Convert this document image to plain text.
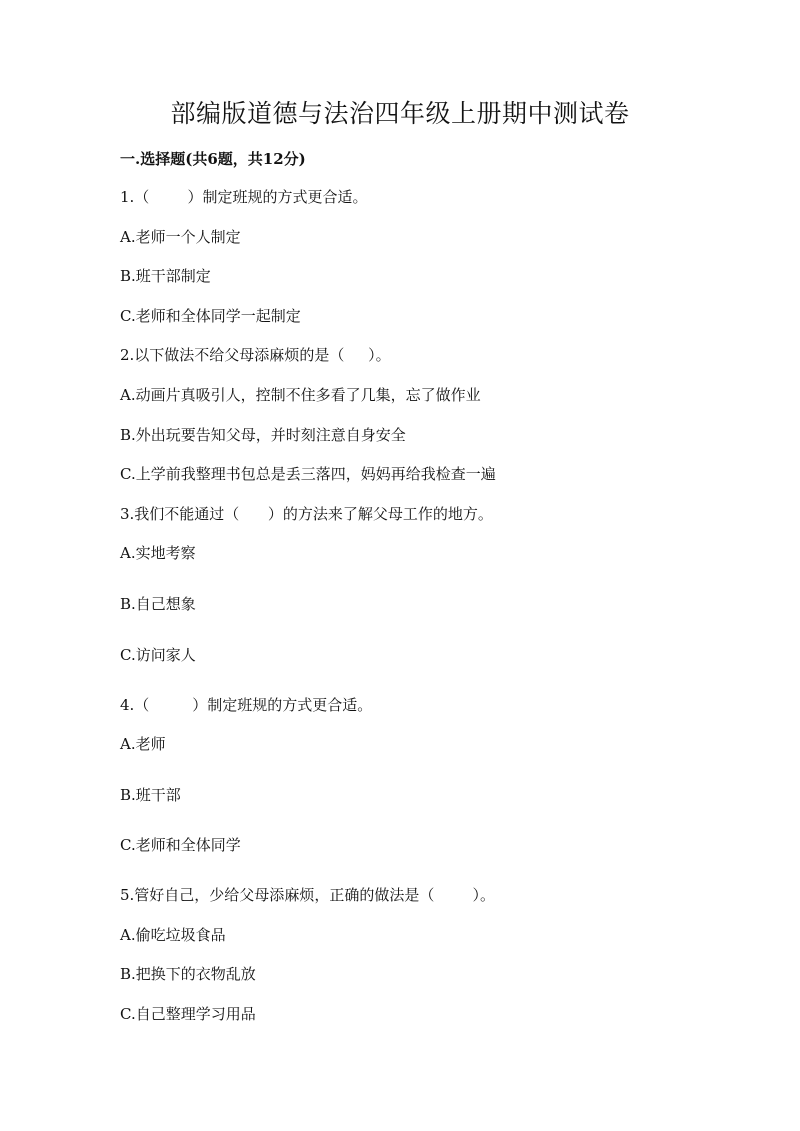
部编版道德与法治四年级上册期中测试卷
一.选择题(共6题，共12分)
1.（        ）制定班规的方式更合适。
A.老师一个人制定
B.班干部制定
C.老师和全体同学一起制定
2.以下做法不给父母添麻烦的是（     ）。
A.动画片真吸引人，控制不住多看了几集，忘了做作业
B.外出玩要告知父母，并时刻注意自身安全
C.上学前我整理书包总是丢三落四，妈妈再给我检查一遍
3.我们不能通过（      ）的方法来了解父母工作的地方。
A.实地考察
B.自己想象
C.访问家人
4.（         ）制定班规的方式更合适。
A.老师
B.班干部
C.老师和全体同学
5.管好自己，少给父母添麻烦，正确的做法是（        ）。
A.偷吃垃圾食品
B.把换下的衣物乱放
C.自己整理学习用品
